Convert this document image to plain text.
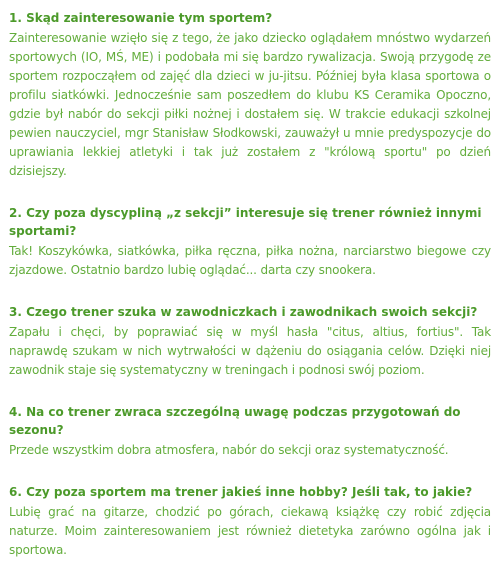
1. Skąd zainteresowanie tym sportem?

Zainteresowanie wzięło się z tego, że jako dziecko oglądałem mnóstwo wydarzeń sportowych (IO, MŚ, ME) i podobała mi się bardzo rywalizacja. Swoją przygodę ze sportem rozpocząłem od zajęć dla dzieci w ju-jitsu. Później była klasa sportowa o profilu siatkówki. Jednocześnie sam poszedłem do klubu KS Ceramika Opoczno, gdzie był nabór do sekcji piłki nożnej i dostałem się. W trakcie edukacji szkolnej pewien nauczyciel, mgr Stanisław Słodkowski, zauważył u mnie predyspozycje do uprawiania lekkiej atletyki i tak już zostałem z "królową sportu" po dzień dzisiejszy.

2. Czy poza dyscypliną „z sekcji” interesuje się trener również innymi sportami?

Tak! Koszykówka, siatkówka, piłka ręczna, piłka nożna, narciarstwo biegowe czy zjazdowe. Ostatnio bardzo lubię oglądać... darta czy snookera.

3. Czego trener szuka w zawodniczkach i zawodnikach swoich sekcji?

Zapału i chęci, by poprawiać się w myśl hasła "citus, altius, fortius". Tak naprawdę szukam w nich wytrwałości w dążeniu do osiągania celów. Dzięki niej zawodnik staje się systematyczny w treningach i podnosi swój poziom.

4. Na co trener zwraca szczególną uwagę podczas przygotowań do sezonu?

Przede wszystkim dobra atmosfera, nabór do sekcji oraz systematyczność.

6. Czy poza sportem ma trener jakieś inne hobby? Jeśli tak, to jakie?

Lubię grać na gitarze, chodzić po górach, ciekawą książkę czy robić zdjęcia naturze. Moim zainteresowaniem jest również dietetyka zarówno ogólna jak i sportowa.
